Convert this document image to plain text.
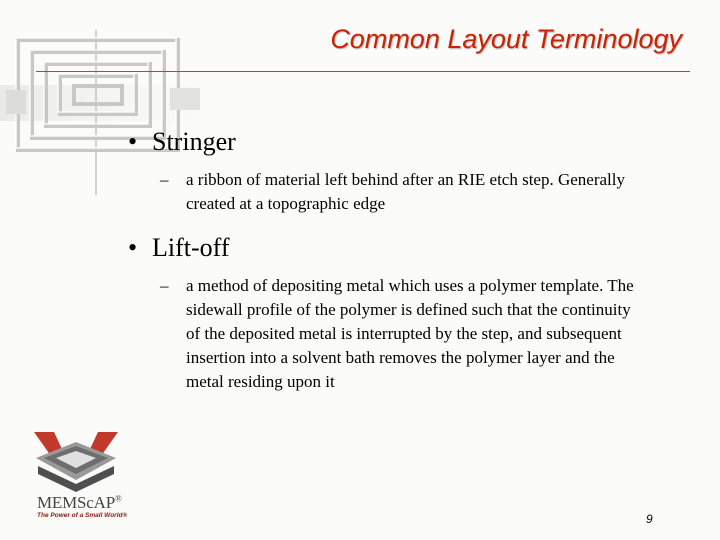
Common Layout Terminology

• Stringer

–	a ribbon of material left behind after an RIE etch step. Generally created at a topographic edge

• Lift-off

–	a method of depositing metal which uses a polymer template. The sidewall profile of the polymer is defined such that the continuity of the deposited metal is interrupted by the step, and subsequent insertion into a solvent bath removes the polymer layer and the metal residing upon it
MEMScAP®
The Power of a Small World®	9
